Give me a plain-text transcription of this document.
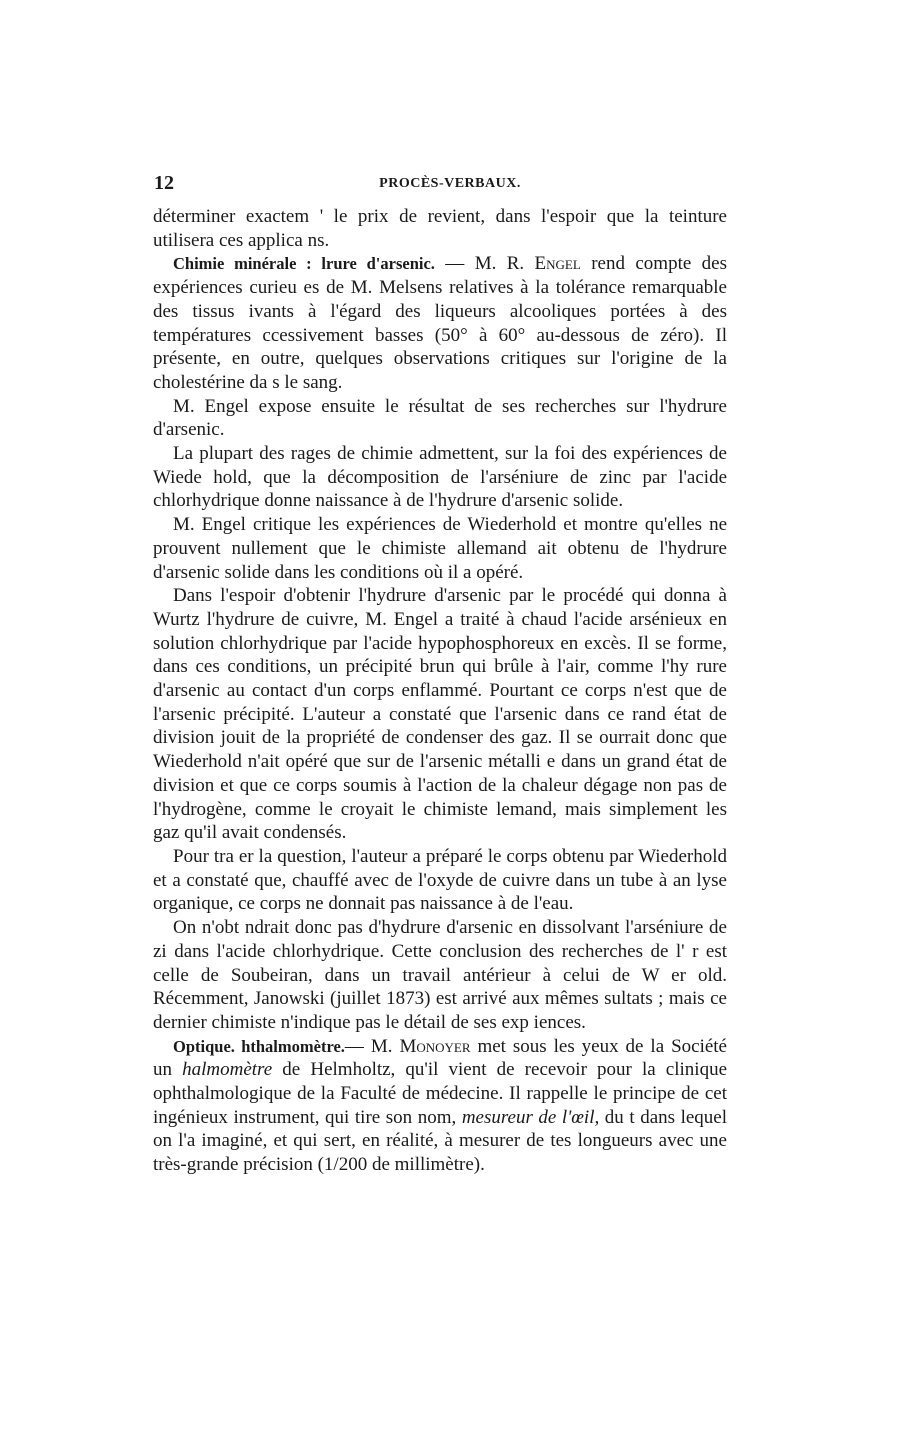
12	PROCÈS-VERBAUX.

déterminer exactem ' le prix de revient, dans l'espoir que la teinture utilisera ces applica ns.

Chimie minérale : lrure d'arsenic. — M. R. Engel rend compte des expériences curieu es de M. Melsens relatives à la tolérance remarquable des tissus ivants à l'égard des liqueurs alcooliques portées à des températures ccessivement basses (50° à 60° au-dessous de zéro). Il présente, en outre, quelques observations critiques sur l'origine de la cholestérine da s le sang.

M. Engel expose ensuite le résultat de ses recherches sur l'hydrure d'arsenic.

La plupart des rages de chimie admettent, sur la foi des expériences de Wiede hold, que la décomposition de l'arséniure de zinc par l'acide chlorhydrique donne naissance à de l'hydrure d'arsenic solide.

M. Engel critique les expériences de Wiederhold et montre qu'elles ne prouvent nullement que le chimiste allemand ait obtenu de l'hydrure d'arsenic solide dans les conditions où il a opéré.

Dans l'espoir d'obtenir l'hydrure d'arsenic par le procédé qui donna à Wurtz l'hydrure de cuivre, M. Engel a traité à chaud l'acide arsénieux en solution chlorhydrique par l'acide hypophosphoreux en excès. Il se forme, dans ces conditions, un précipité brun qui brûle à l'air, comme l'hy rure d'arsenic au contact d'un corps enflammé. Pourtant ce corps n'est que de l'arsenic précipité. L'auteur a constaté que l'arsenic dans ce rand état de division jouit de la propriété de condenser des gaz. Il se ourrait donc que Wiederhold n'ait opéré que sur de l'arsenic métalli e dans un grand état de division et que ce corps soumis à l'action de la chaleur dégage non pas de l'hydrogène, comme le croyait le chimiste lemand, mais simplement les gaz qu'il avait condensés.

Pour tra er la question, l'auteur a préparé le corps obtenu par Wiederhold et a constaté que, chauffé avec de l'oxyde de cuivre dans un tube à an lyse organique, ce corps ne donnait pas naissance à de l'eau.

On n'obt ndrait donc pas d'hydrure d'arsenic en dissolvant l'arséniure de zi dans l'acide chlorhydrique. Cette conclusion des recherches de l' r est celle de Soubeiran, dans un travail antérieur à celui de W er old. Récemment, Janowski (juillet 1873) est arrivé aux mêmes sultats ; mais ce dernier chimiste n'indique pas le détail de ses exp iences.

Optique. hthalmomètre.— M. Monoyer met sous les yeux de la Société un halmomètre de Helmholtz, qu'il vient de recevoir pour la clinique ophthalmologique de la Faculté de médecine. Il rappelle le principe de cet ingénieux instrument, qui tire son nom, mesureur de l'œil, du t dans lequel on l'a imaginé, et qui sert, en réalité, à mesurer de tes longueurs avec une très-grande précision (1/200 de millimètre).
